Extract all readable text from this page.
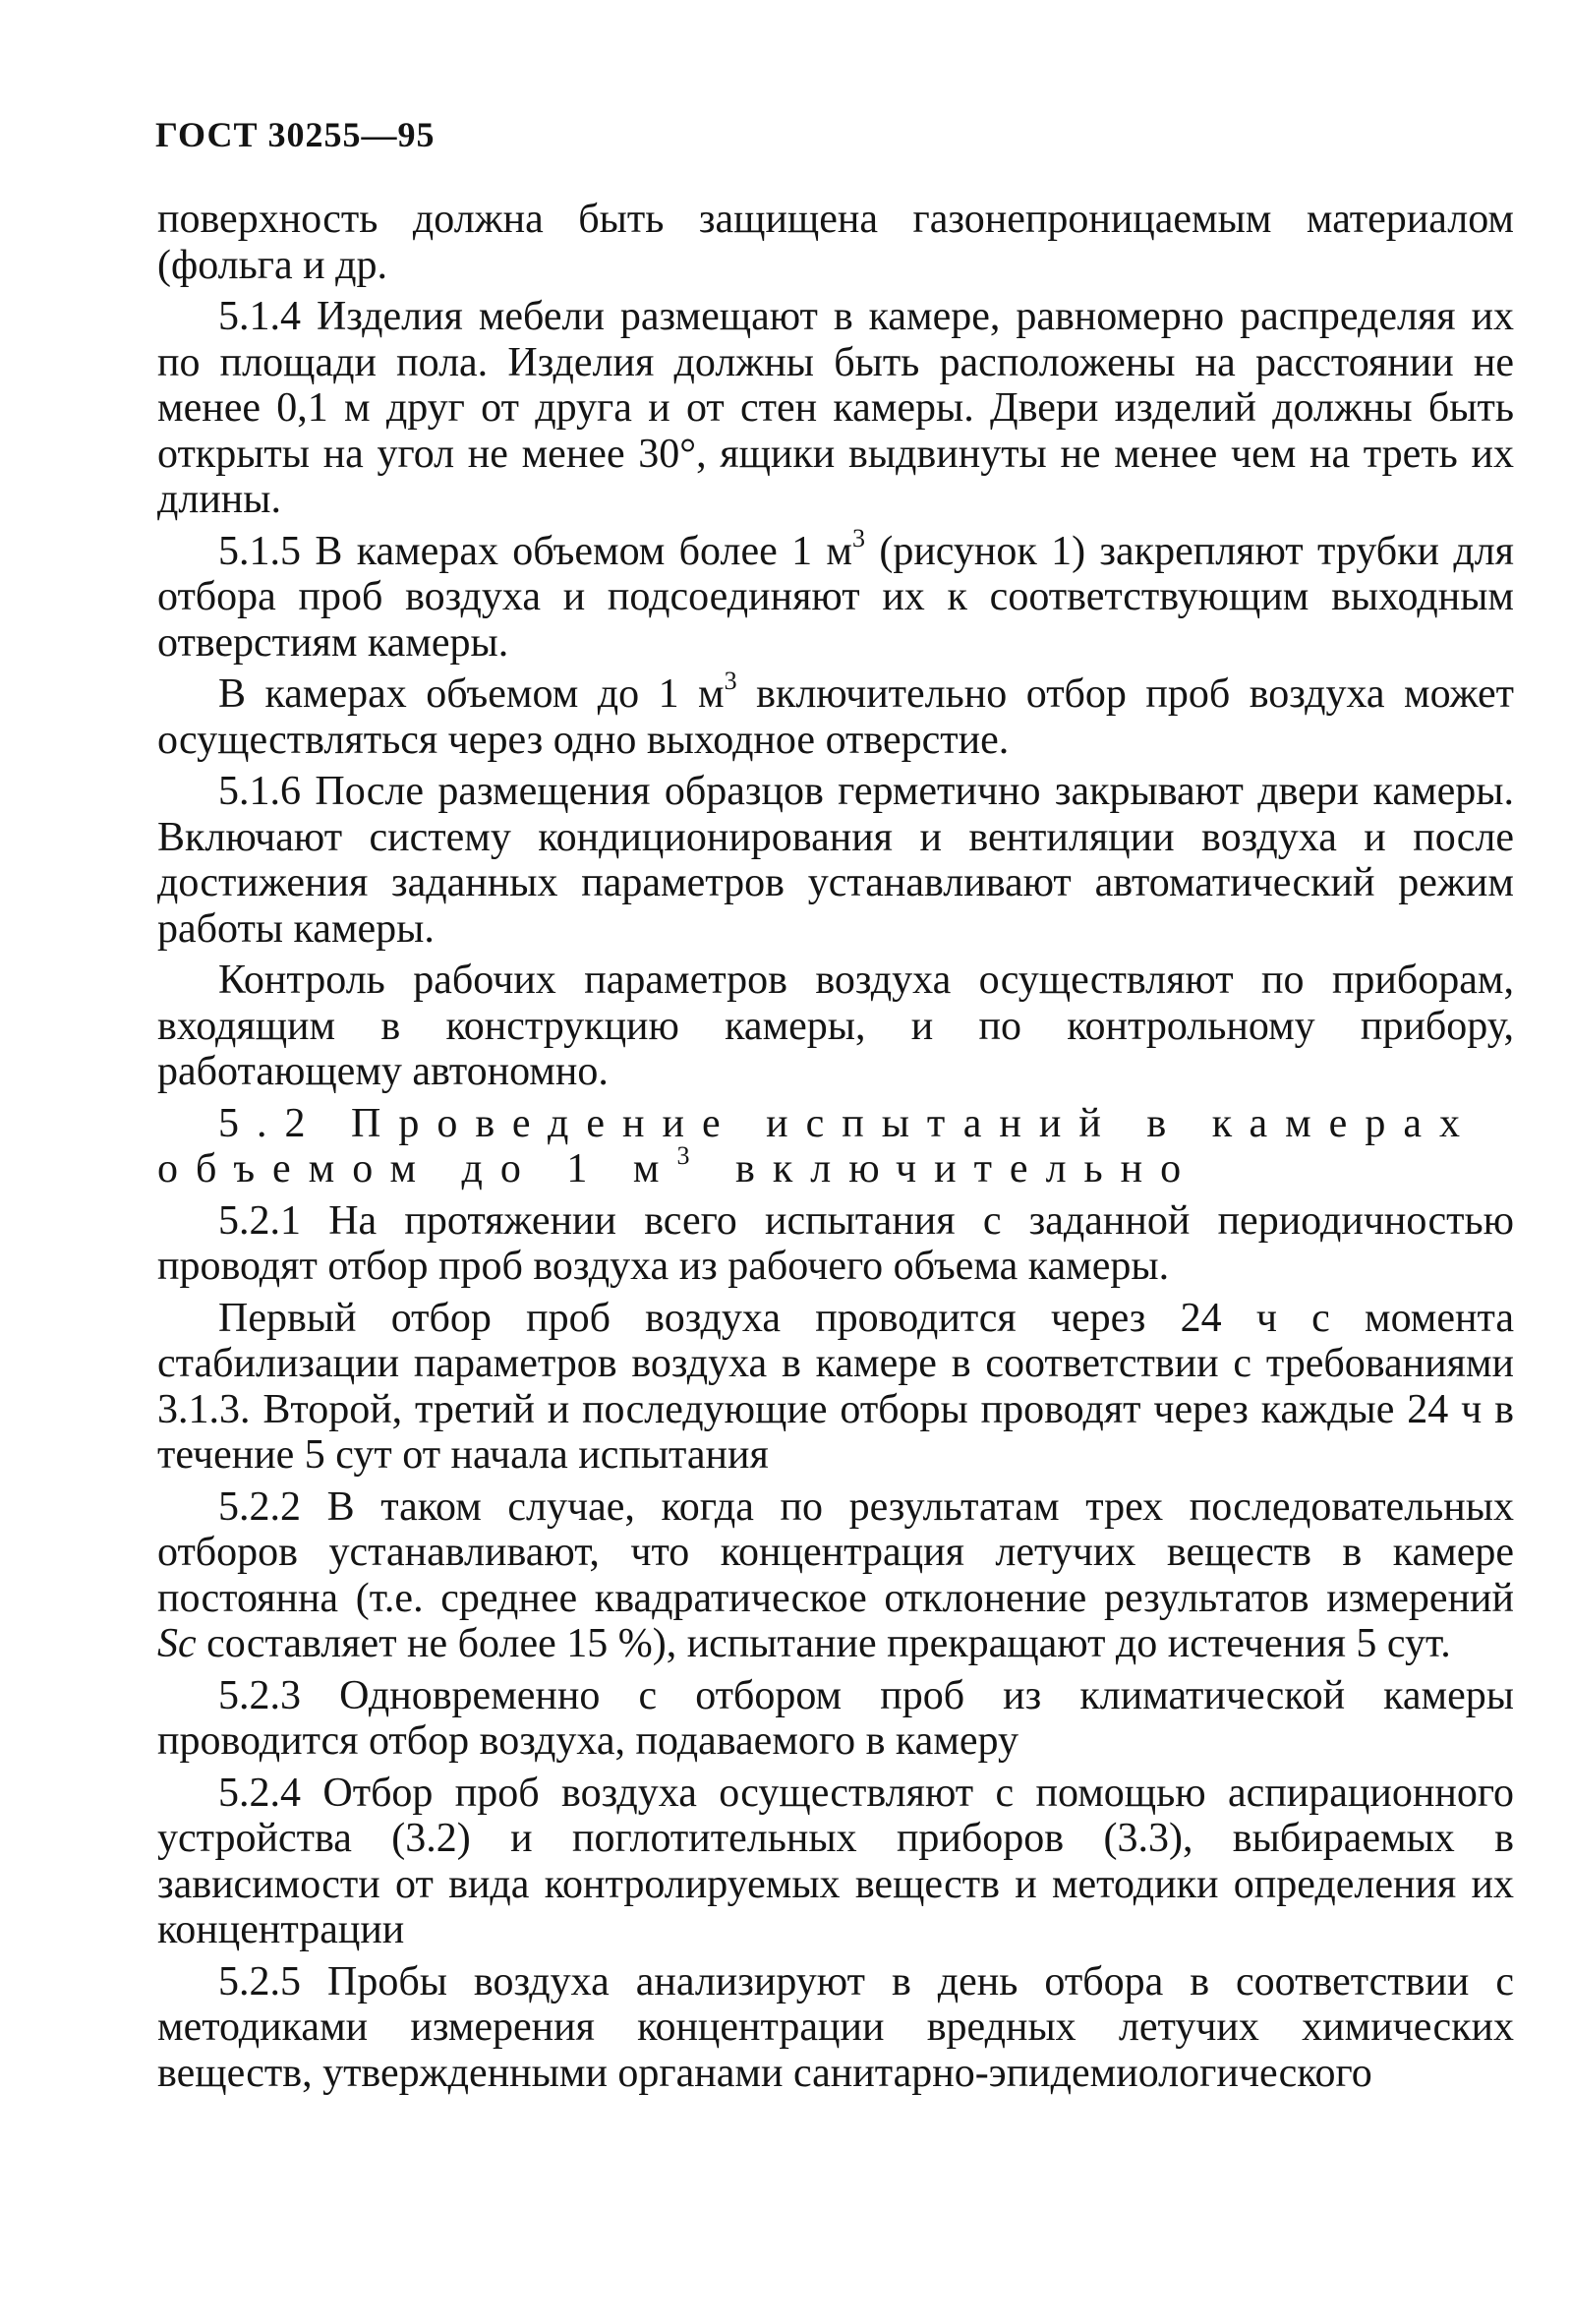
ГОСТ 30255—95

поверхность должна быть защищена газонепроницаемым материалом (фольга и др.

5.1.4 Изделия мебели размещают в камере, равномерно распределяя их по площади пола. Изделия должны быть расположены на расстоянии не менее 0,1 м друг от друга и от стен камеры. Двери изделий должны быть открыты на угол не менее 30°, ящики выдвинуты не менее чем на треть их длины.

5.1.5 В камерах объемом более 1 $м^3$ (рисунок 1) закрепляют трубки для отбора проб воздуха и подсоединяют их к соответствующим выходным отверстиям камеры.

В камерах объемом до 1 $м^3$ включительно отбор проб воздуха может осуществляться через одно выходное отверстие.

5.1.6 После размещения образцов герметично закрывают двери камеры. Включают систему кондиционирования и вентиляции воздуха и после достижения заданных параметров устанавливают автоматический режим работы камеры.

Контроль рабочих параметров воздуха осуществляют по приборам, входящим в конструкцию камеры, и по контрольному прибору, работающему автономно.

5.2 Проведение испытаний в камерах объемом до 1 $м^3$ включительно

5.2.1 На протяжении всего испытания с заданной периодичностью проводят отбор проб воздуха из рабочего объема камеры.

Первый отбор проб воздуха проводится через 24 ч с момента стабилизации параметров воздуха в камере в соответствии с требованиями 3.1.3. Второй, третий и последующие отборы проводят через каждые 24 ч в течение 5 сут от начала испытания

5.2.2 В таком случае, когда по результатам трех последовательных отборов устанавливают, что концентрация летучих веществ в камере постоянна (т.е. среднее квадратическое отклонение результатов измерений Sc составляет не более 15 %), испытание прекращают до истечения 5 сут.

5.2.3 Одновременно с отбором проб из климатической камеры проводится отбор воздуха, подаваемого в камеру

5.2.4 Отбор проб воздуха осуществляют с помощью аспирационного устройства (3.2) и поглотительных приборов (3.3), выбираемых в зависимости от вида контролируемых веществ и методики определения их концентрации

5.2.5 Пробы воздуха анализируют в день отбора в соответствии с методиками измерения концентрации вредных летучих химических веществ, утвержденными органами санитарно-эпидемиологического
